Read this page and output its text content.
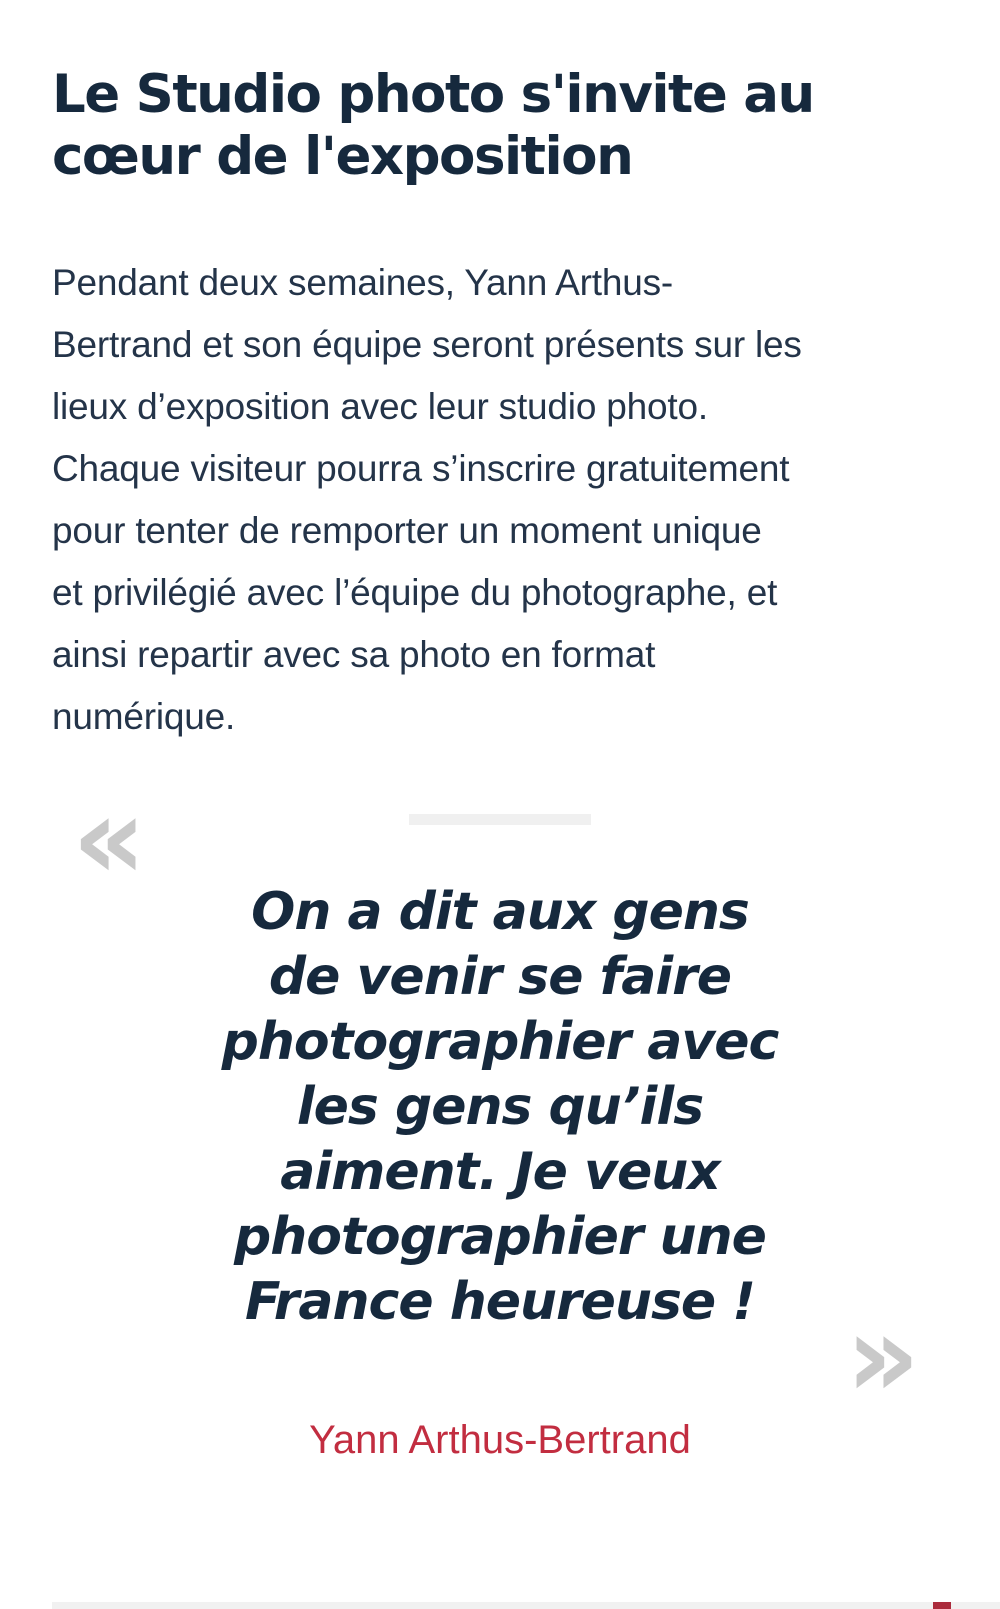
Le Studio photo s'invite au
cœur de l'exposition
Pendant deux semaines, Yann Arthus-
Bertrand et son équipe seront présents sur les
lieux d’exposition avec leur studio photo.
Chaque visiteur pourra s’inscrire gratuitement
pour tenter de remporter un moment unique
et privilégié avec l’équipe du photographe, et
ainsi repartir avec sa photo en format
numérique.
«
On a dit aux gens
de venir se faire
photographier avec
les gens qu’ils
aiment. Je veux
photographier une
France heureuse ! »
Yann Arthus-Bertrand
